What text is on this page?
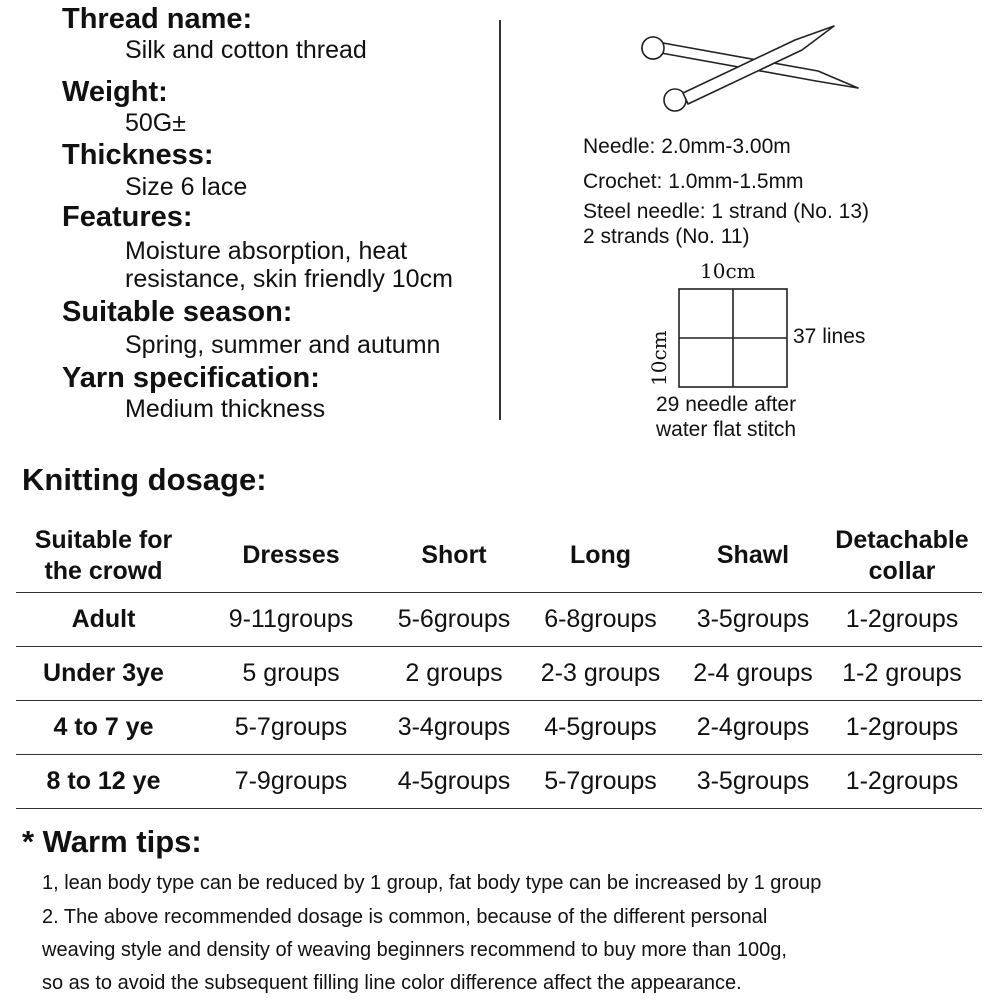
Thread name:
Silk and cotton thread
Weight:
50G±
Thickness:
Size 6 lace
Features:
Moisture absorption, heat
resistance, skin friendly 10cm
Suitable season:
Spring, summer and autumn
Yarn specification:
Medium thickness
Needle: 2.0mm-3.00m
Crochet: 1.0mm-1.5mm
Steel needle: 1 strand (No. 13)
2 strands (No. 11)
10cm
10cm	37 lines
29 needle after
water flat stitch
Knitting dosage:
Suitable for
the crowd	Dresses	Short	Long	Shawl	Detachable
collar
Adult	9-11groups	5-6groups	6-8groups	3-5groups	1-2groups
Under 3ye	5 groups	2 groups	2-3 groups	2-4 groups	1-2 groups
4 to 7 ye	5-7groups	3-4groups	4-5groups	2-4groups	1-2groups
8 to 12 ye	7-9groups	4-5groups	5-7groups	3-5groups	1-2groups
* Warm tips:
1, lean body type can be reduced by 1 group, fat body type can be increased by 1 group
2. The above recommended dosage is common, because of the different personal
weaving style and density of weaving beginners recommend to buy more than 100g,
so as to avoid the subsequent filling line color difference affect the appearance.
